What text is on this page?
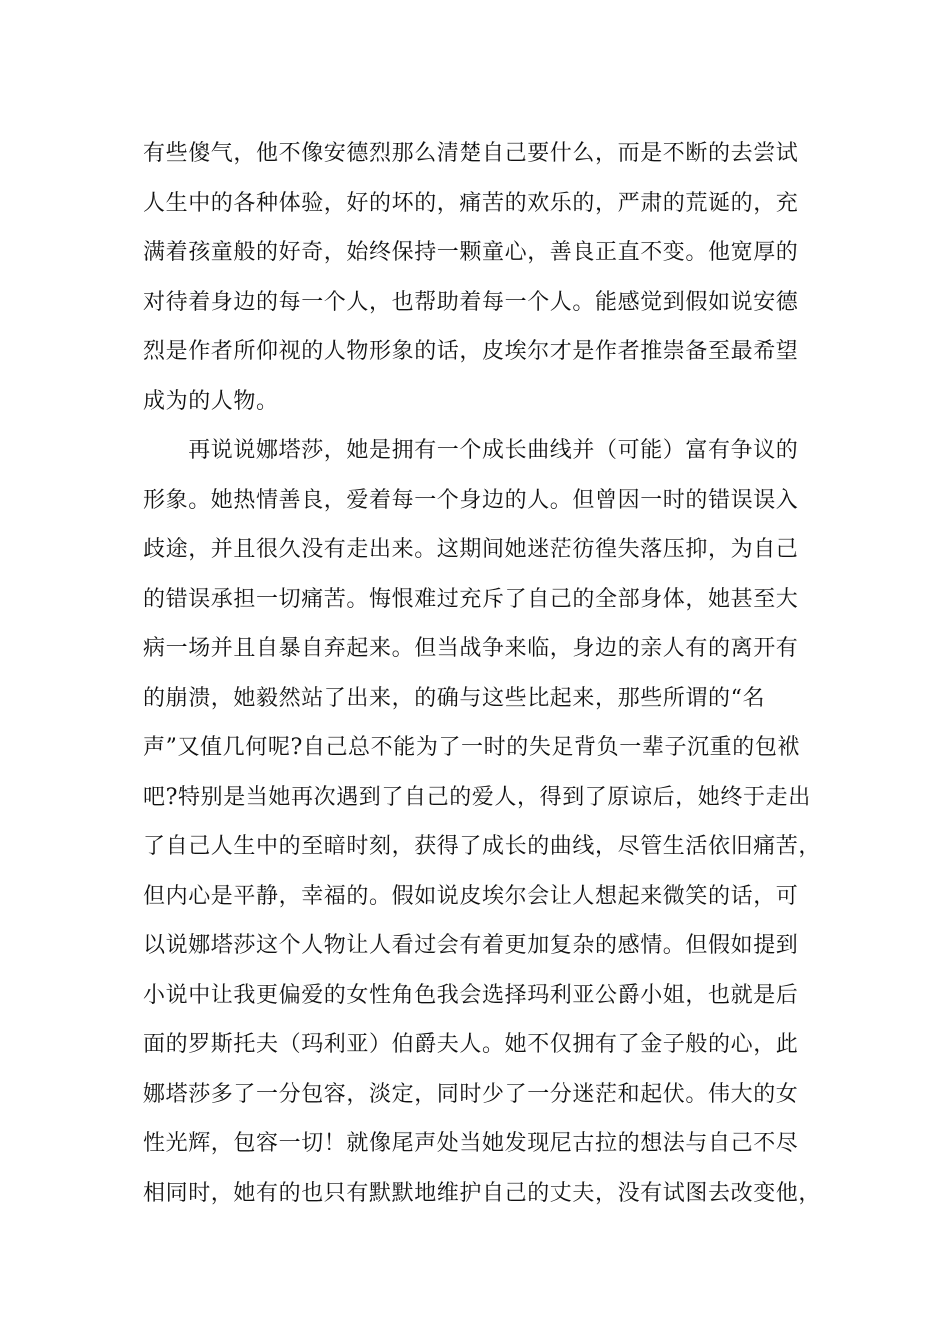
有些傻气，他不像安德烈那么清楚自己要什么，而是不断的去尝试
人生中的各种体验，好的坏的，痛苦的欢乐的，严肃的荒诞的，充
满着孩童般的好奇，始终保持一颗童心，善良正直不变。他宽厚的
对待着身边的每一个人，也帮助着每一个人。能感觉到假如说安德
烈是作者所仰视的人物形象的话，皮埃尔才是作者推崇备至最希望
成为的人物。
　　再说说娜塔莎，她是拥有一个成长曲线并（可能）富有争议的
形象。她热情善良，爱着每一个身边的人。但曾因一时的错误误入
歧途，并且很久没有走出来。这期间她迷茫彷徨失落压抑，为自己
的错误承担一切痛苦。悔恨难过充斥了自己的全部身体，她甚至大
病一场并且自暴自弃起来。但当战争来临，身边的亲人有的离开有
的崩溃，她毅然站了出来，的确与这些比起来，那些所谓的“名
声”又值几何呢?自己总不能为了一时的失足背负一辈子沉重的包袱
吧?特别是当她再次遇到了自己的爱人，得到了原谅后，她终于走出
了自己人生中的至暗时刻，获得了成长的曲线，尽管生活依旧痛苦，
但内心是平静，幸福的。假如说皮埃尔会让人想起来微笑的话，可
以说娜塔莎这个人物让人看过会有着更加复杂的感情。但假如提到
小说中让我更偏爱的女性角色我会选择玛利亚公爵小姐，也就是后
面的罗斯托夫（玛利亚）伯爵夫人。她不仅拥有了金子般的心，此
娜塔莎多了一分包容，淡定，同时少了一分迷茫和起伏。伟大的女
性光辉，包容一切！就像尾声处当她发现尼古拉的想法与自己不尽
相同时，她有的也只有默默地维护自己的丈夫，没有试图去改变他，
